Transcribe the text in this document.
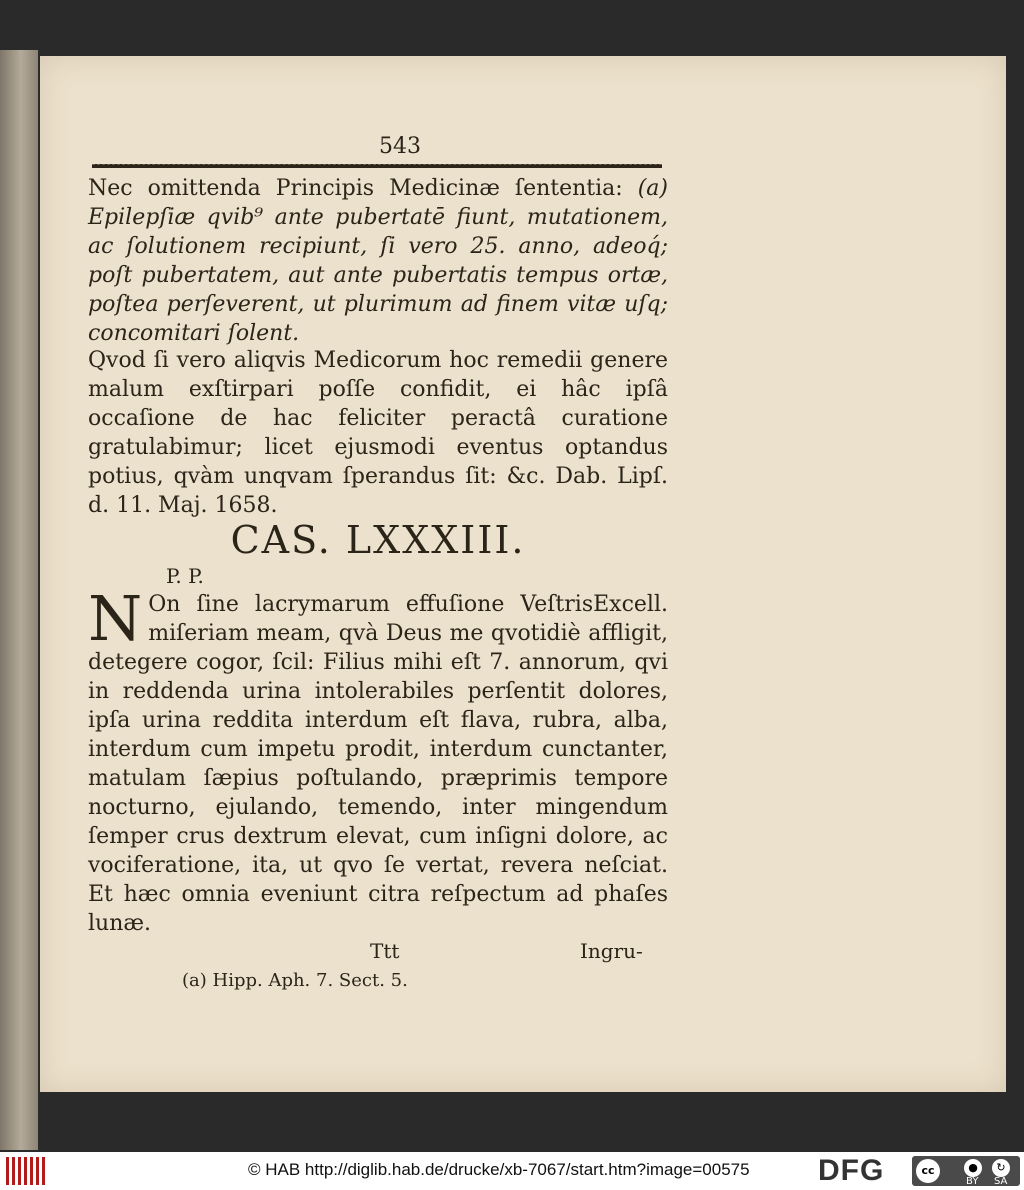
543
Nec omittenda Principis Medicinæ ſententia: (a) Epilepſiæ qvib⁹ ante pubertatē fiunt, mutationem, ac ſolutionem recipiunt, ſi vero 25. anno, adeoq́; poſt pubertatem, aut ante pubertatis tempus ortæ, poſtea perſeverent, ut plurimum ad finem vitæ uſq; concomitari ſolent.
Qvod ſi vero aliqvis Medicorum hoc remedii genere malum exſtirpari poſſe confidit, ei hâc ipſâ occaſione de hac feliciter peractâ curatione gratulabimur; licet ejusmodi eventus optandus potius, qvàm unqvam ſperandus ſit: &c. Dab. Lipſ. d. 11. Maj. 1658.
CAS. LXXXIII.
P. P.
N On ſine lacrymarum effuſione VeſtrisExcell. miſeriam meam, qvà Deus me qvotidiè affligit, detegere cogor, ſcil: Filius mihi eſt 7. annorum, qvi in reddenda urina intolerabiles perſentit dolores, ipſa urina reddita interdum eſt flava, rubra, alba, interdum cum impetu prodit, interdum cunctanter, matulam ſæpius poſtulando, præprimis tempore nocturno, ejulando, temendo, inter mingendum ſemper crus dextrum elevat, cum inſigni dolore, ac vociferatione, ita, ut qvo ſe vertat, revera neſciat. Et hæc omnia eveniunt citra reſpectum ad phaſes lunæ.
Ttt	Ingru-
(a) Hipp. Aph. 7. Sect. 5.
© HAB http://diglib.hab.de/drucke/xb-7067/start.htm?image=00575 DFG	cc	●	↻
BY SA
